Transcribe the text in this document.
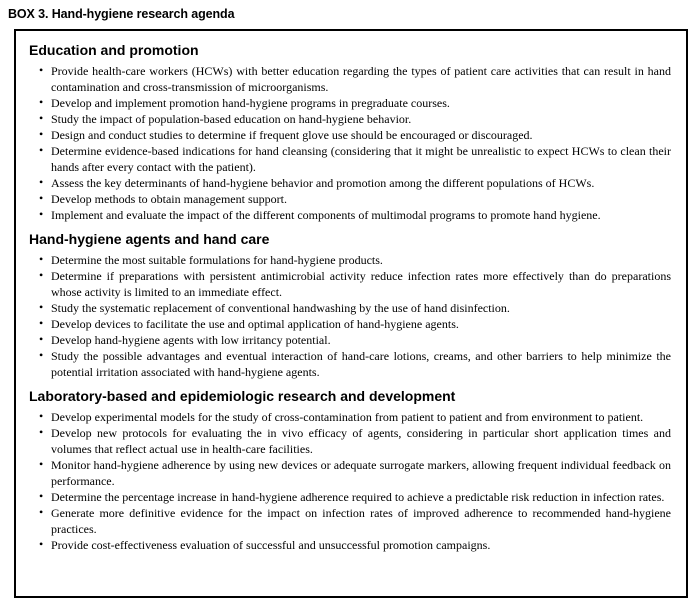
BOX 3. Hand-hygiene research agenda
Education and promotion
• Provide health-care workers (HCWs) with better education regarding the types of patient care activities that can result in hand contamination and cross-transmission of microorganisms.
• Develop and implement promotion hand-hygiene programs in pregraduate courses.
• Study the impact of population-based education on hand-hygiene behavior.
• Design and conduct studies to determine if frequent glove use should be encouraged or discouraged.
• Determine evidence-based indications for hand cleansing (considering that it might be unrealistic to expect HCWs to clean their hands after every contact with the patient).
• Assess the key determinants of hand-hygiene behavior and promotion among the different populations of HCWs.
• Develop methods to obtain management support.
• Implement and evaluate the impact of the different components of multimodal programs to promote hand hygiene.
Hand-hygiene agents and hand care
• Determine the most suitable formulations for hand-hygiene products.
• Determine if preparations with persistent antimicrobial activity reduce infection rates more effectively than do preparations whose activity is limited to an immediate effect.
• Study the systematic replacement of conventional handwashing by the use of hand disinfection.
• Develop devices to facilitate the use and optimal application of hand-hygiene agents.
• Develop hand-hygiene agents with low irritancy potential.
• Study the possible advantages and eventual interaction of hand-care lotions, creams, and other barriers to help minimize the potential irritation associated with hand-hygiene agents.
Laboratory-based and epidemiologic research and development
• Develop experimental models for the study of cross-contamination from patient to patient and from environment to patient.
• Develop new protocols for evaluating the in vivo efficacy of agents, considering in particular short application times and volumes that reflect actual use in health-care facilities.
• Monitor hand-hygiene adherence by using new devices or adequate surrogate markers, allowing frequent individual feedback on performance.
• Determine the percentage increase in hand-hygiene adherence required to achieve a predictable risk reduction in infection rates.
• Generate more definitive evidence for the impact on infection rates of improved adherence to recommended hand-hygiene practices.
• Provide cost-effectiveness evaluation of successful and unsuccessful promotion campaigns.
